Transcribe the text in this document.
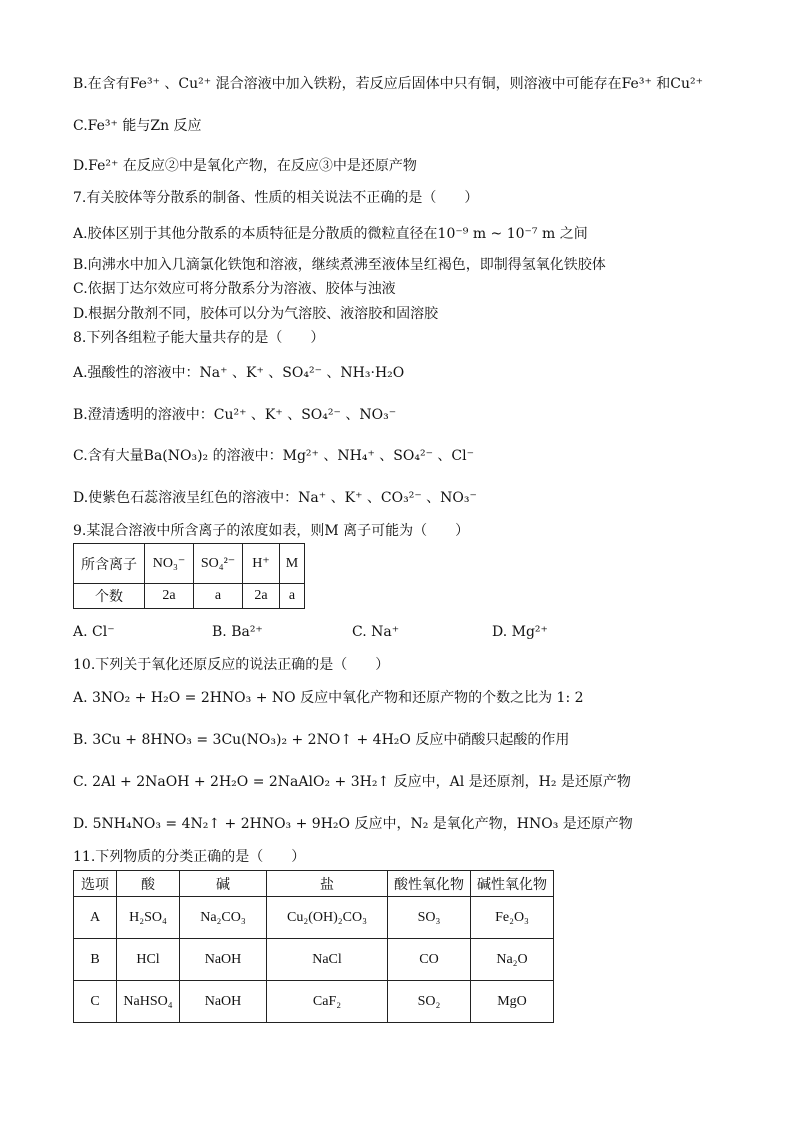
B.在含有Fe³⁺ 、Cu²⁺ 混合溶液中加入铁粉，若反应后固体中只有铜，则溶液中可能存在Fe³⁺ 和Cu²⁺
C.Fe³⁺ 能与Zn 反应
D.Fe²⁺ 在反应②中是氧化产物，在反应③中是还原产物
7.有关胶体等分散系的制备、性质的相关说法不正确的是（　　）
A.胶体区别于其他分散系的本质特征是分散质的微粒直径在10⁻⁹ m ~ 10⁻⁷ m 之间
B.向沸水中加入几滴氯化铁饱和溶液，继续煮沸至液体呈红褐色，即制得氢氧化铁胶体
C.依据丁达尔效应可将分散系分为溶液、胶体与浊液
D.根据分散剂不同，胶体可以分为气溶胶、液溶胶和固溶胶
8.下列各组粒子能大量共存的是（　　）
A.强酸性的溶液中：Na⁺ 、K⁺ 、SO₄²⁻ 、NH₃·H₂O
B.澄清透明的溶液中：Cu²⁺ 、K⁺ 、SO₄²⁻ 、NO₃⁻
C.含有大量Ba(NO₃)₂ 的溶液中：Mg²⁺ 、NH₄⁺ 、SO₄²⁻ 、Cl⁻
D.使紫色石蕊溶液呈红色的溶液中：Na⁺ 、K⁺ 、CO₃²⁻ 、NO₃⁻
9.某混合溶液中所含离子的浓度如表，则M 离子可能为（　　）
所含离子	NO₃⁻	SO₄²⁻	H⁺	M
个数	2a	a	2a	a
A. Cl⁻	B. Ba²⁺	C. Na⁺	D. Mg²⁺
10.下列关于氧化还原反应的说法正确的是（　　）
A. 3NO₂ + H₂O = 2HNO₃ + NO 反应中氧化产物和还原产物的个数之比为 1: 2
B. 3Cu + 8HNO₃ = 3Cu(NO₃)₂ + 2NO↑ + 4H₂O 反应中硝酸只起酸的作用
C. 2Al + 2NaOH + 2H₂O = 2NaAlO₂ + 3H₂↑ 反应中，Al 是还原剂，H₂ 是还原产物
D. 5NH₄NO₃ = 4N₂↑ + 2HNO₃ + 9H₂O 反应中，N₂ 是氧化产物，HNO₃ 是还原产物
11.下列物质的分类正确的是（　　）
选项	酸	碱	盐	酸性氧化物	碱性氧化物
A	H₂SO₄	Na₂CO₃	Cu₂(OH)₂CO₃	SO₃	Fe₂O₃
B	HCl	NaOH	NaCl	CO	Na₂O
C	NaHSO₄	NaOH	CaF₂	SO₂	MgO
